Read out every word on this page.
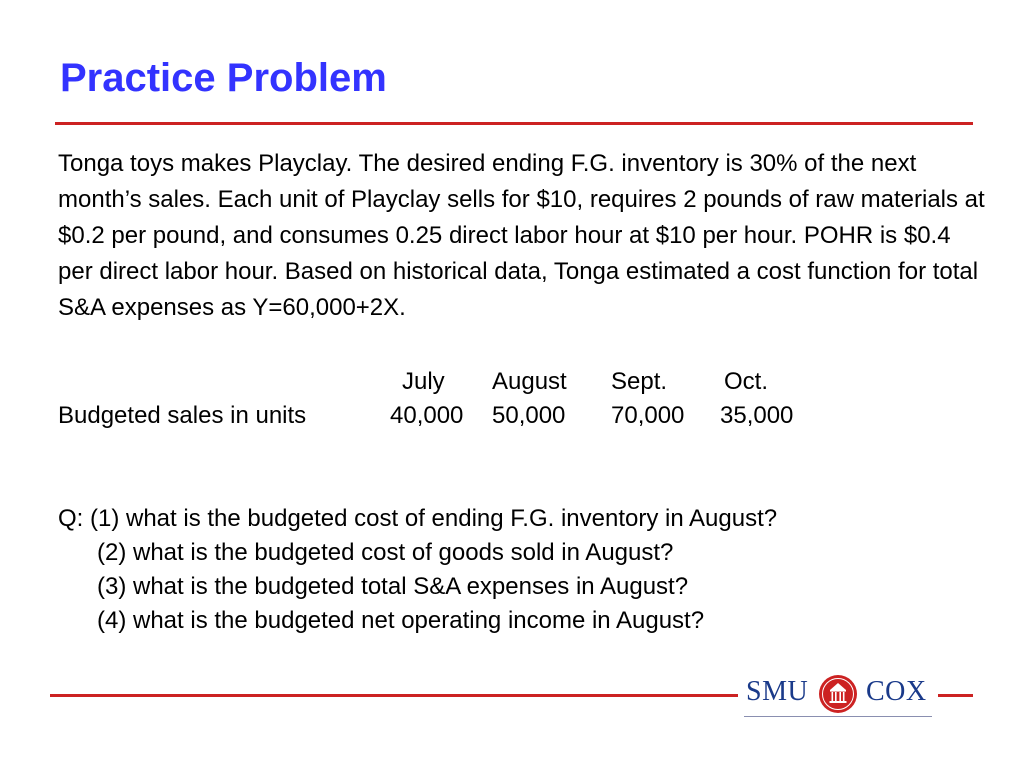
Practice Problem

Tonga toys makes Playclay. The desired ending F.G. inventory is 30% of the next month’s sales. Each unit of Playclay sells for $10, requires 2 pounds of raw materials at $0.2 per pound, and consumes 0.25 direct labor hour at $10 per hour. POHR is $0.4 per direct labor hour. Based on historical data, Tonga estimated a cost function for total S&A expenses as Y=60,000+2X.

July August Sept. Oct.
Budgeted sales in units	40,000 50,000 70,000 35,000
Q: (1) what is the budgeted cost of ending F.G. inventory in August?
(2) what is the budgeted cost of goods sold in August?
(3) what is the budgeted total S&A expenses in August?
(4) what is the budgeted net operating income in August?
SMU COX
